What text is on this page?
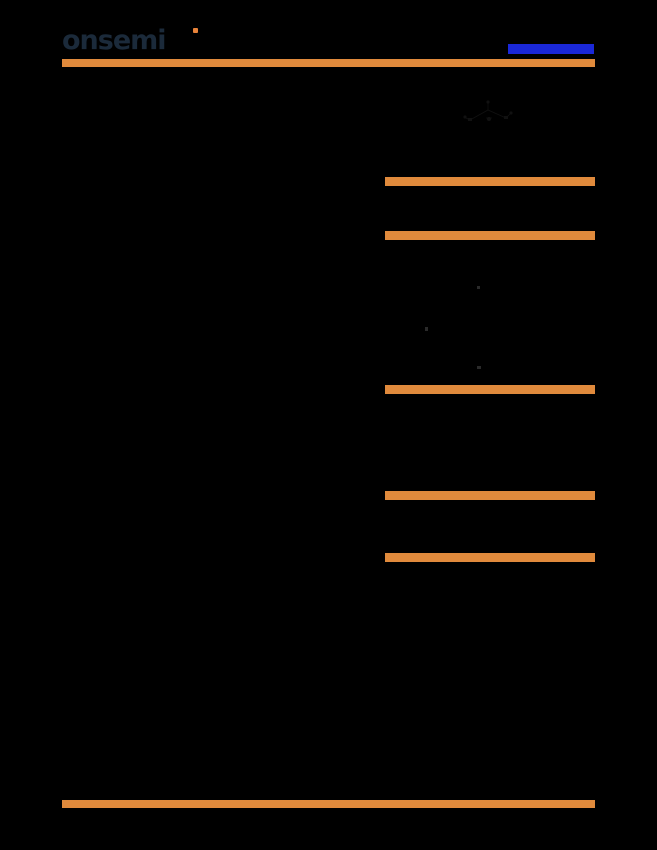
onsemi
